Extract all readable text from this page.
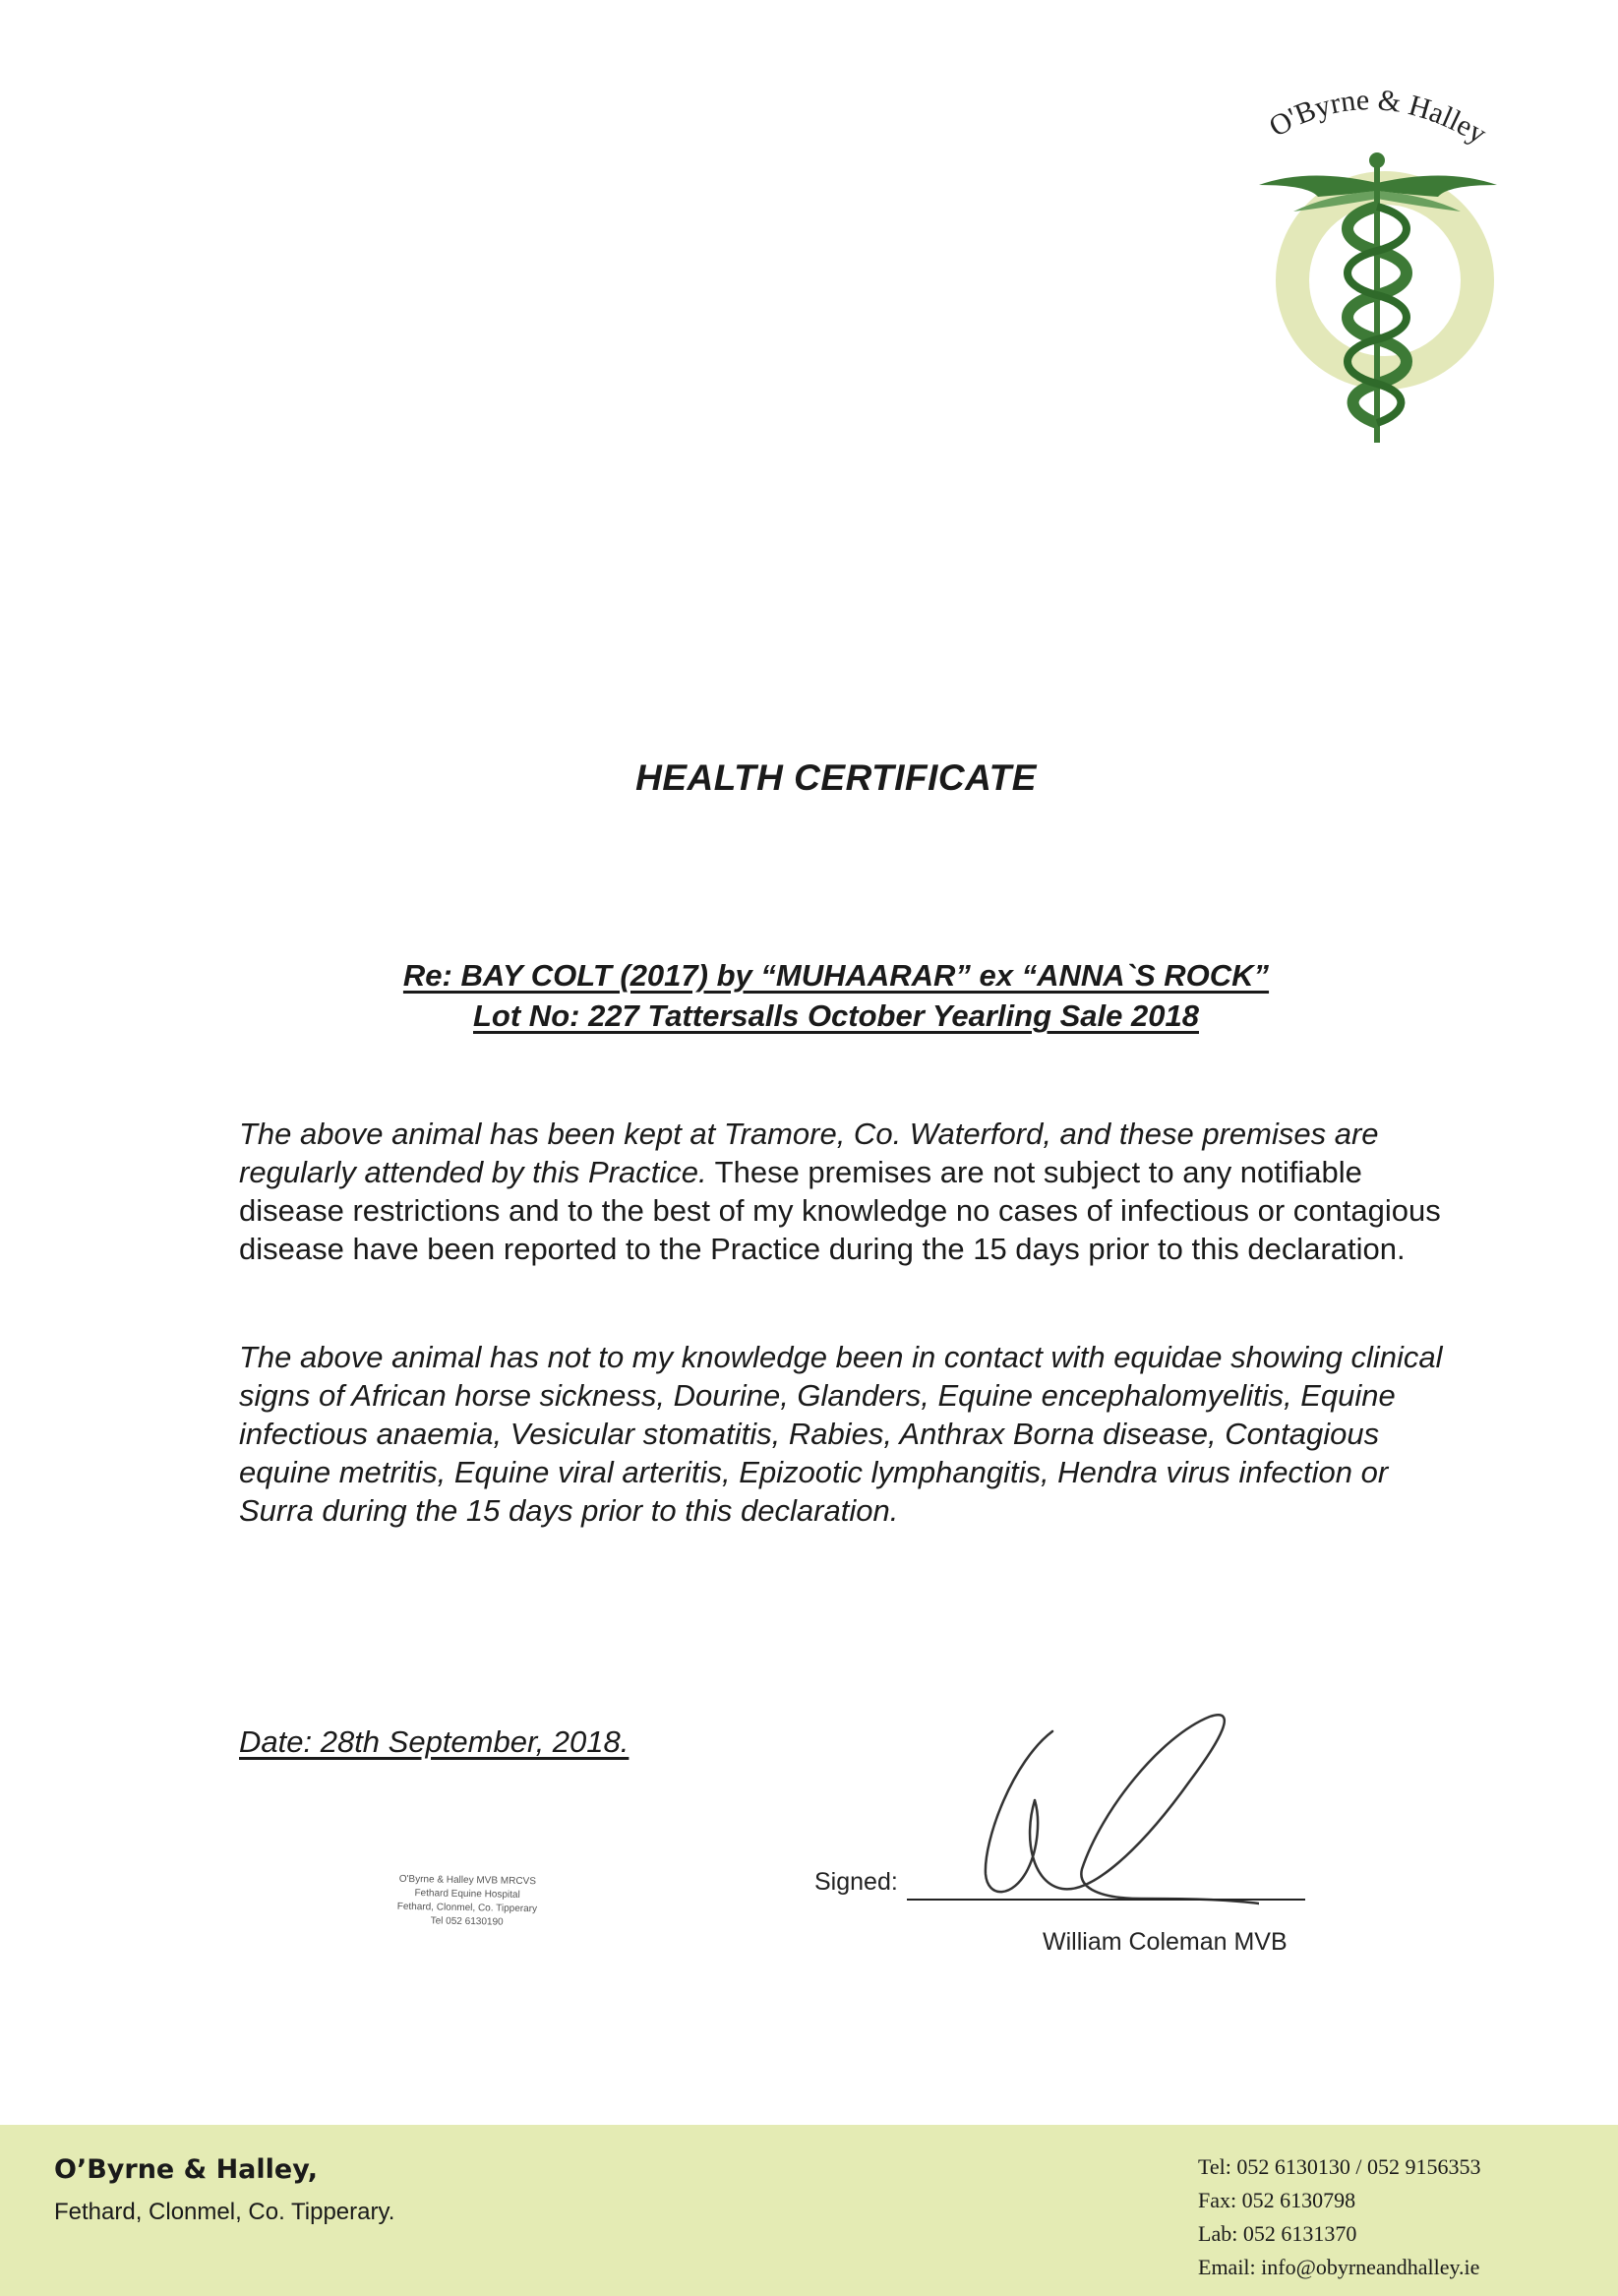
O'Byrne & Halley
HEALTH CERTIFICATE
Re: BAY COLT (2017) by “MUHAARAR” ex “ANNA`S ROCK”
Lot No: 227 Tattersalls October Yearling Sale 2018
The above animal has been kept at Tramore, Co. Waterford, and these premises are regularly attended by this Practice. These premises are not subject to any notifiable disease restrictions and to the best of my knowledge no cases of infectious or contagious disease have been reported to the Practice during the 15 days prior to this declaration.
The above animal has not to my knowledge been in contact with equidae showing clinical signs of African horse sickness, Dourine, Glanders, Equine encephalomyelitis, Equine infectious anaemia, Vesicular stomatitis, Rabies, Anthrax Borna disease, Contagious equine metritis, Equine viral arteritis, Epizootic lymphangitis, Hendra virus infection or Surra during the 15 days prior to this declaration.
Date: 28th September, 2018.
O'Byrne & Halley MVB MRCVS
Fethard Equine Hospital
Fethard, Clonmel, Co. Tipperary
Tel 052 6130190
Signed:
William Coleman MVB
O’Byrne & Halley,
Fethard, Clonmel, Co. Tipperary.
Tel: 052 6130130 / 052 9156353
Fax: 052 6130798
Lab: 052 6131370
Email: info@obyrneandhalley.ie
